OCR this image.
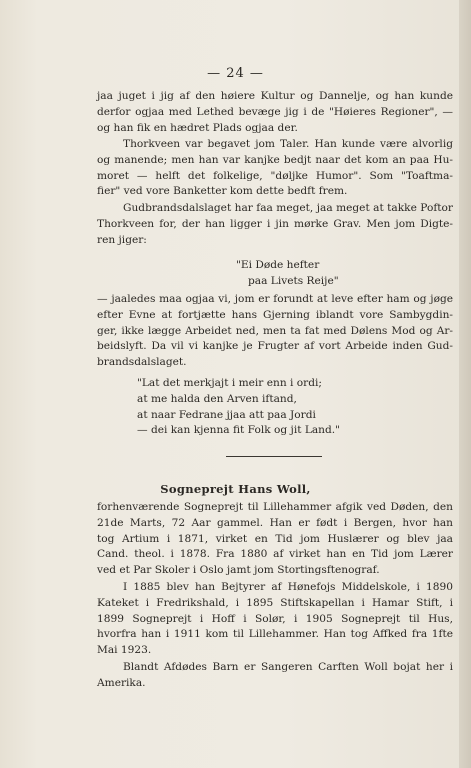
— 24 —
jaa juget i jig af den høiere Kultur og Dannelje, og han kunde
derfor ogjaa med Lethed bevæge jig i de "Høieres Regioner", —
og han fik en hædret Plads ogjaa der.
Thorkveen var begavet jom Taler. Han kunde være alvorlig
og manende; men han var kanjke bedjt naar det kom an paa Hu-
moret — helft det folkelige, "døljke Humor". Som "Toaftma-
fier" ved vore Banketter kom dette bedft frem.
Gudbrandsdalslaget har faa meget, jaa meget at takke Poftor
Thorkveen for, der han ligger i jin mørke Grav. Men jom Digte-
ren jiger:
"Ei Døde hefter
paa Livets Reije"
— jaaledes maa ogjaa vi, jom er forundt at leve efter ham og jøge
efter Evne at fortjætte hans Gjerning iblandt vore Sambygdin-
ger, ikke lægge Arbeidet ned, men ta fat med Dølens Mod og Ar-
beidslyft. Da vil vi kanjke je Frugter af vort Arbeide inden Gud-
brandsdalslaget.
"Lat det merkjajt i meir enn i ordi;
at me halda den Arven iftand,
at naar Fedrane jjaa att paa Jordi
— dei kan kjenna fit Folk og jit Land."
Sogneprejt Hans Woll,
forhenværende Sogneprejt til Lillehammer afgik ved Døden, den
21de Marts, 72 Aar gammel. Han er født i Bergen, hvor han
tog Artium i 1871, virket en Tid jom Huslærer og blev jaa
Cand. theol. i 1878. Fra 1880 af virket han en Tid jom Lærer
ved et Par Skoler i Oslo jamt jom Stortingsftenograf.
I 1885 blev han Bejtyrer af Hønefojs Middelskole, i 1890
Kateket i Fredrikshald, i 1895 Stiftskapellan i Hamar Stift, i
1899 Sogneprejt i Hoff i Solør, i 1905 Sogneprejt til Hus,
hvorfra han i 1911 kom til Lillehammer. Han tog Affked fra 1fte
Mai 1923.
Blandt Afdødes Barn er Sangeren Carften Woll bojat her i
Amerika.
